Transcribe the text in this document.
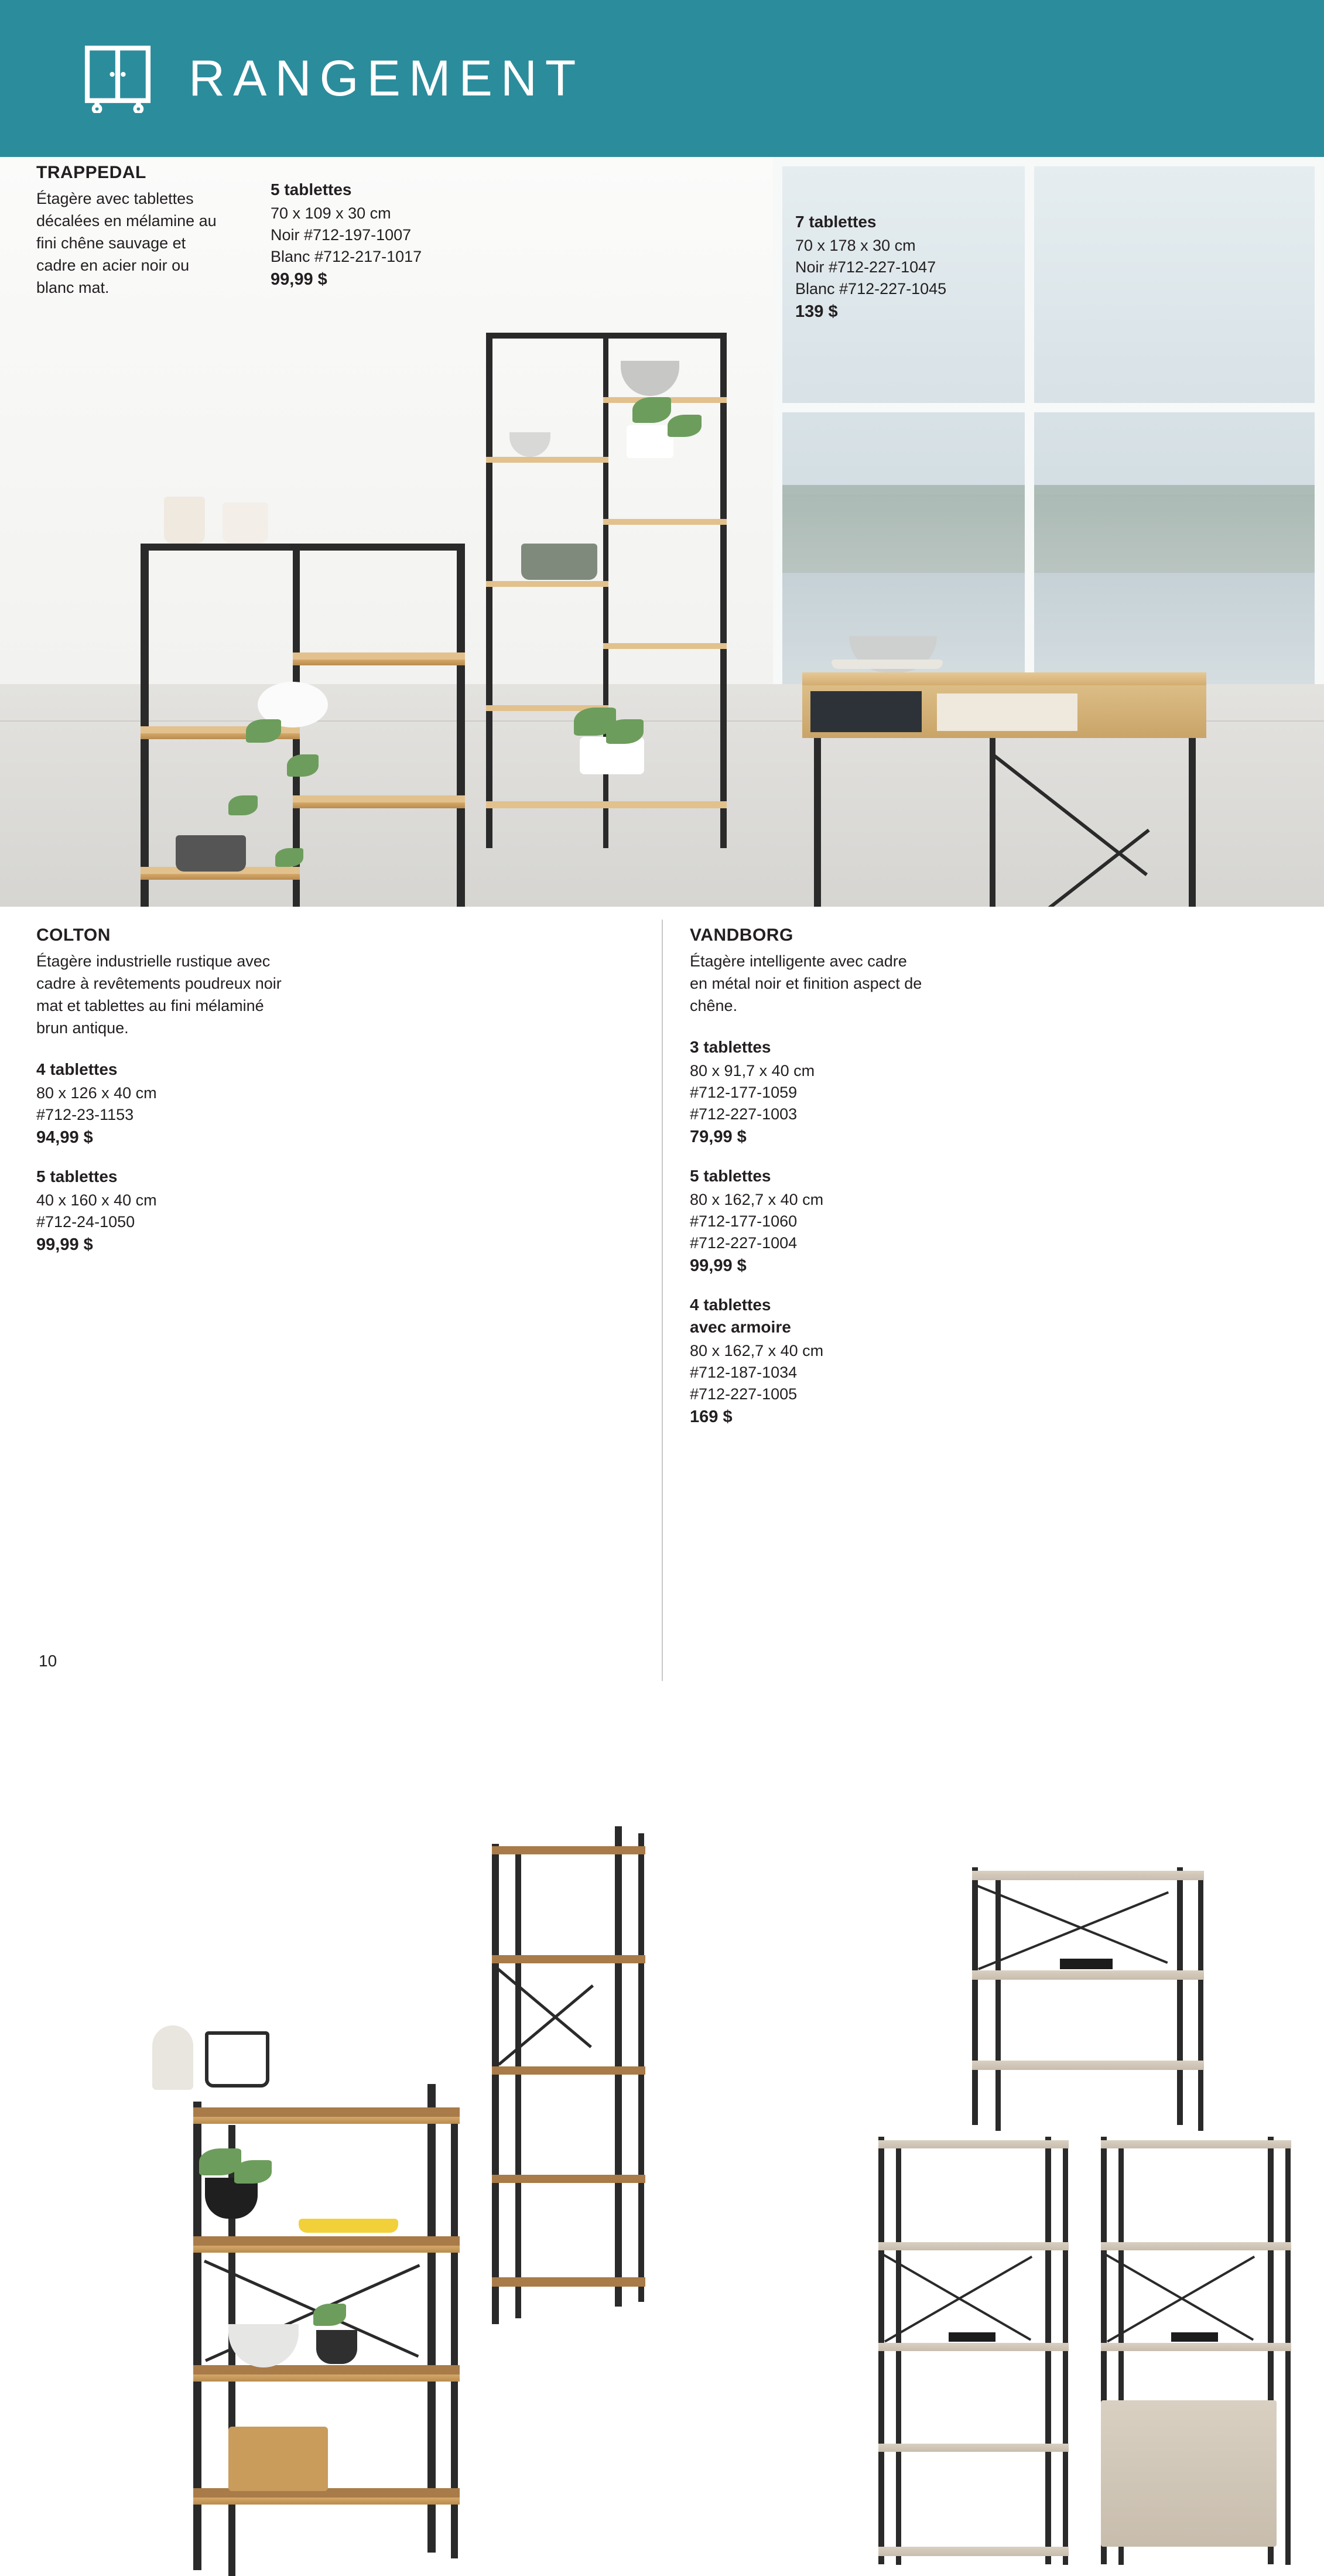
RANGEMENT
TRAPPEDAL
Étagère avec tablettes décalées en mélamine au fini chêne sauvage et cadre en acier noir ou blanc mat.
5 tablettes
70 x 109 x 30 cm
Noir #712-197-1007
Blanc #712-217-1017
99,99 $
7 tablettes
70 x 178 x 30 cm
Noir #712-227-1047
Blanc #712-227-1045
139 $
COLTON
Étagère industrielle rustique avec cadre à revêtements poudreux noir mat et tablettes au fini mélaminé brun antique.
4 tablettes
80 x 126 x 40 cm
#712-23-1153
94,99 $
5 tablettes
40 x 160 x 40 cm
#712-24-1050
99,99 $
VANDBORG
Étagère intelligente avec cadre en métal noir et finition aspect de chêne.
3 tablettes
80 x 91,7 x 40 cm
#712-177-1059
#712-227-1003
79,99 $
5 tablettes
80 x 162,7 x 40 cm
#712-177-1060
#712-227-1004
99,99 $
4 tablettes
avec armoire
80 x 162,7 x 40 cm
#712-187-1034
#712-227-1005
169 $
10
